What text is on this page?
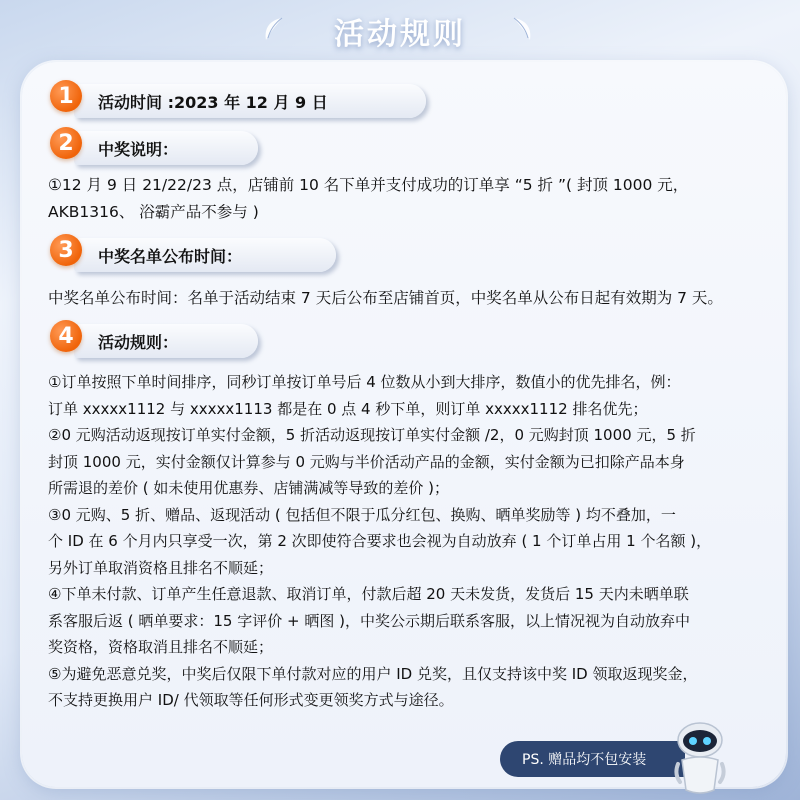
活动规则
1	活动时间 :2023 年 12 月 9 日
2	中奖说明：

①12 月 9 日 21/22/23 点，店铺前 10 名下单并支付成功的订单享 “5 折 ”( 封顶 1000 元，

AKB1316、 浴霸产品不参与 )

3	中奖名单公布时间：

中奖名单公布时间：名单于活动结束 7 天后公布至店铺首页，中奖名单从公布日起有效期为 7 天。

4	活动规则：

①订单按照下单时间排序，同秒订单按订单号后 4 位数从小到大排序，数值小的优先排名，例：

订单 xxxxx1112 与 xxxxx1113 都是在 0 点 4 秒下单，则订单 xxxxx1112 排名优先；

②0 元购活动返现按订单实付金额，5 折活动返现按订单实付金额 /2，0 元购封顶 1000 元，5 折

封顶 1000 元，实付金额仅计算参与 0 元购与半价活动产品的金额，实付金额为已扣除产品本身

所需退的差价 ( 如未使用优惠券、店铺满减等导致的差价 )；

③0 元购、5 折、赠品、返现活动 ( 包括但不限于瓜分红包、换购、晒单奖励等 ) 均不叠加，一

个 ID 在 6 个月内只享受一次，第 2 次即使符合要求也会视为自动放弃 ( 1 个订单占用 1 个名额 )，

另外订单取消资格且排名不顺延；

④下单未付款、订单产生任意退款、取消订单，付款后超 20 天未发货，发货后 15 天内未晒单联

系客服后返 ( 晒单要求：15 字评价 + 晒图 )，中奖公示期后联系客服，以上情况视为自动放弃中

奖资格，资格取消且排名不顺延；

⑤为避免恶意兑奖，中奖后仅限下单付款对应的用户 ID 兑奖，且仅支持该中奖 ID 领取返现奖金，

不支持更换用户 ID/ 代领取等任何形式变更领奖方式与途径。

PS. 赠品均不包安装
